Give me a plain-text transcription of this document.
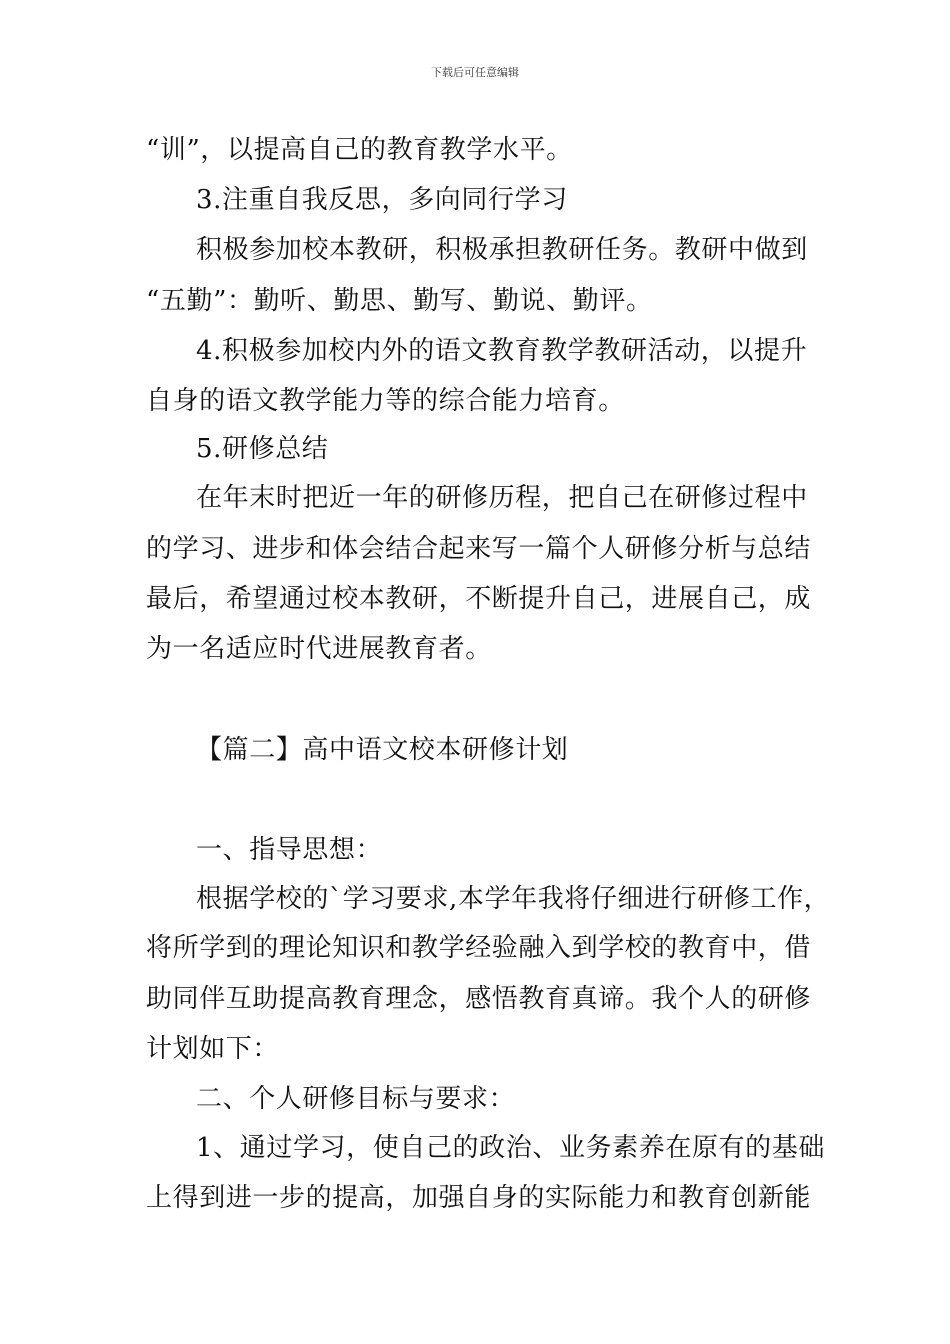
下载后可任意编辑
“训”，以提高自己的教育教学水平。
3.注重自我反思，多向同行学习
积极参加校本教研，积极承担教研任务。教研中做到
“五勤”：勤听、勤思、勤写、勤说、勤评。
4.积极参加校内外的语文教育教学教研活动，以提升
自身的语文教学能力等的综合能力培育。
5.研修总结
在年末时把近一年的研修历程，把自己在研修过程中
的学习、进步和体会结合起来写一篇个人研修分析与总结
最后，希望通过校本教研，不断提升自己，进展自己，成
为一名适应时代进展教育者。
【篇二】高中语文校本研修计划
一、指导思想：
根据学校的`学习要求,本学年我将仔细进行研修工作，
将所学到的理论知识和教学经验融入到学校的教育中，借
助同伴互助提高教育理念，感悟教育真谛。我个人的研修
计划如下：
二、个人研修目标与要求：
1、通过学习，使自己的政治、业务素养在原有的基础
上得到进一步的提高，加强自身的实际能力和教育创新能
